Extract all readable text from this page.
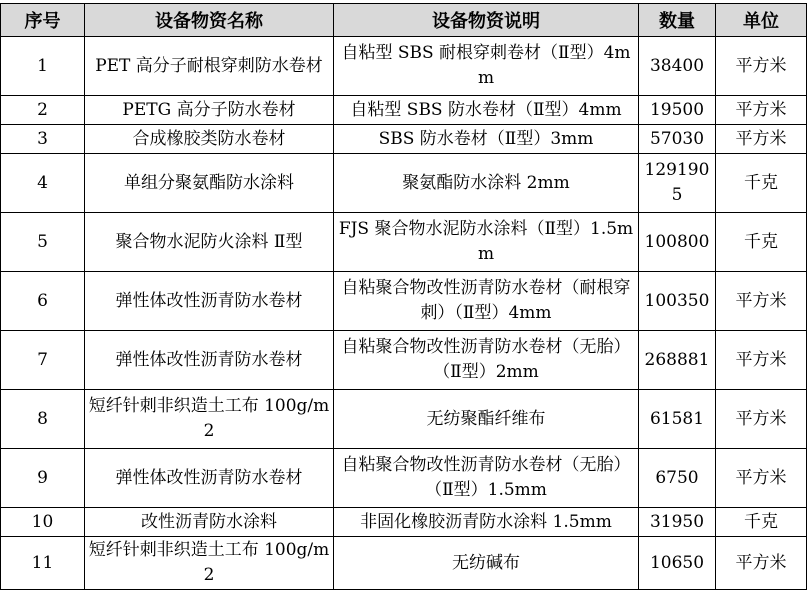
序号	设备物资名称	设备物资说明	数量	单位
1	PET 高分子耐根穿刺防水卷材	自粘型 SBS 耐根穿刺卷材（Ⅱ型）4mm	38400	平方米
2	PETG 高分子防水卷材	自粘型 SBS 防水卷材（Ⅱ型）4mm	19500	平方米
3	合成橡胶类防水卷材	SBS 防水卷材（Ⅱ型）3mm	57030	平方米
4	单组分聚氨酯防水涂料	聚氨酯防水涂料 2mm	1291905	千克
5	聚合物水泥防火涂料 Ⅱ型	FJS 聚合物水泥防水涂料（Ⅱ型）1.5mm	100800	千克
6	弹性体改性沥青防水卷材	自粘聚合物改性沥青防水卷材（耐根穿刺）（Ⅱ型）4mm	100350	平方米
7	弹性体改性沥青防水卷材	自粘聚合物改性沥青防水卷材（无胎）（Ⅱ型）2mm	268881	平方米
8	短纤针刺非织造土工布 100g/m2	无纺聚酯纤维布	61581	平方米
9	弹性体改性沥青防水卷材	自粘聚合物改性沥青防水卷材（无胎）（Ⅱ型）1.5mm	6750	平方米
10	改性沥青防水涂料	非固化橡胶沥青防水涂料 1.5mm	31950	千克
11	短纤针刺非织造土工布 100g/m2	无纺碱布	10650	平方米
